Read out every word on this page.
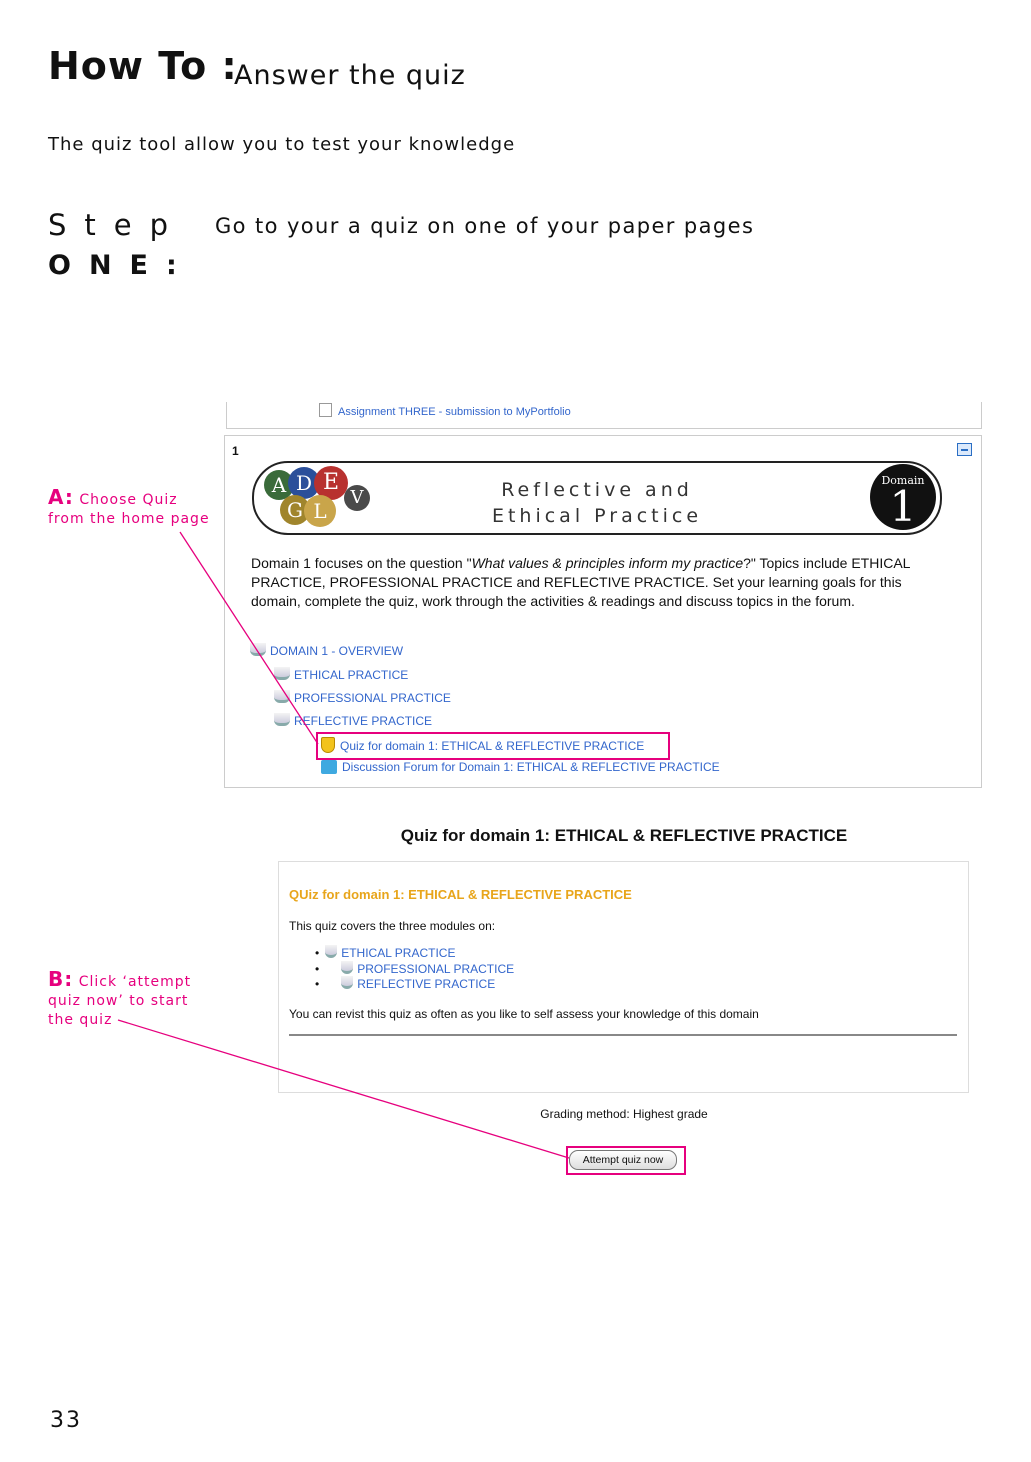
How To :
Answer the quiz
The quiz tool allow you to test your knowledge
Step
ONE:
Go to your a quiz on one of your paper pages
A: Choose Quiz
from the home page
B: Click ‘attempt
quiz now’ to start
the quiz
Assignment THREE - submission to MyPortfolio
1
A D E
G L
V	Reflective and
Ethical Practice
Domain
1
Domain 1 focuses on the question "What values & principles inform my practice?" Topics include ETHICAL PRACTICE, PROFESSIONAL PRACTICE and REFLECTIVE PRACTICE. Set your learning goals for this domain, complete the quiz, work through the activities & readings and discuss topics in the forum.
DOMAIN 1 - OVERVIEW
ETHICAL PRACTICE
PROFESSIONAL PRACTICE
REFLECTIVE PRACTICE
Quiz for domain 1: ETHICAL & REFLECTIVE PRACTICE
Discussion Forum for Domain 1: ETHICAL & REFLECTIVE PRACTICE
Quiz for domain 1: ETHICAL & REFLECTIVE PRACTICE
QUiz for domain 1: ETHICAL & REFLECTIVE PRACTICE
This quiz covers the three modules on:
• ETHICAL PRACTICE
•	PROFESSIONAL PRACTICE
•	REFLECTIVE PRACTICE
You can revist this quiz as often as you like to self assess your knowledge of this domain
Grading method: Highest grade
Attempt quiz now
33
